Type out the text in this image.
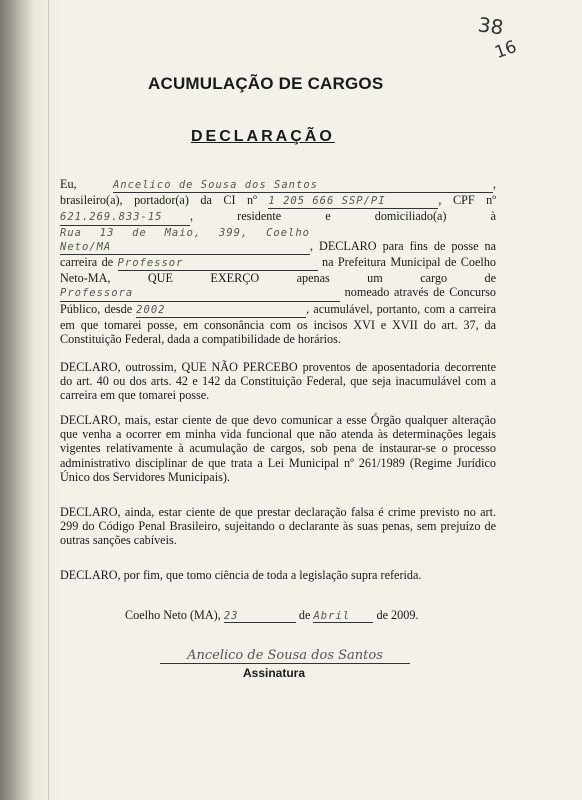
38
16
ACUMULAÇÃO DE CARGOS
DECLARAÇÃO
Eu,	Ancelico de Sousa dos Santos	, brasileiro(a), portador(a) da CI nº 1 205 666 SSP/PI	, CPF nº 621.269.833-15 , residente e domiciliado(a) à Rua 13 de Maio, 399, Coelho Neto/MA	, DECLARO para fins de posse na carreira de Professor	na Prefeitura Municipal de Coelho Neto-MA, QUE EXERÇO apenas um cargo de Professora	nomeado através de Concurso Público, desde 2002	, acumulável, portanto, com a carreira em que tomarei posse, em consonância com os incisos XVI e XVII do art. 37, da Constituição Federal, dada a compatibilidade de horários.
DECLARO, outrossim, QUE NÃO PERCEBO proventos de aposentadoria decorrente do art. 40 ou dos arts. 42 e 142 da Constituição Federal, que seja inacumulável com a carreira em que tomarei posse.
DECLARO, mais, estar ciente de que devo comunicar a esse Órgão qualquer alteração que venha a ocorrer em minha vida funcional que não atenda às determinações legais vigentes relativamente à acumulação de cargos, sob pena de instaurar-se o processo administrativo disciplinar de que trata a Lei Municipal nº 261/1989 (Regime Jurídico Único dos Servidores Municipais).
DECLARO, ainda, estar ciente de que prestar declaração falsa é crime previsto no art. 299 do Código Penal Brasileiro, sujeitando o declarante às suas penas, sem prejuízo de outras sanções cabíveis.
DECLARO, por fim, que tomo ciência de toda a legislação supra referida.
Coelho Neto (MA), 23	de Abril de 2009.
Ancelico de Sousa dos Santos
Assinatura
